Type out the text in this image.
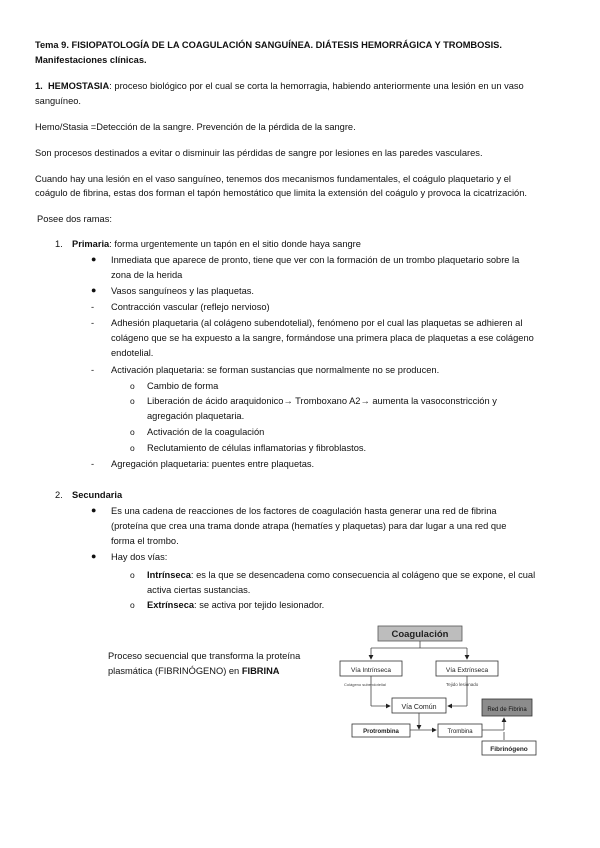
Tema 9. FISIOPATOLOGÍA DE LA COAGULACIÓN SANGUÍNEA. DIÁTESIS HEMORRÁGICA Y TROMBOSIS.

Manifestaciones clínicas.

1. HEMOSTASIA: proceso biológico por el cual se corta la hemorragia, habiendo anteriormente una lesión en un vaso

sanguíneo.

Hemo/Stasia =Detección de la sangre. Prevención de la pérdida de la sangre.

Son procesos destinados a evitar o disminuir las pérdidas de sangre por lesiones en las paredes vasculares.

Cuando hay una lesión en el vaso sanguíneo, tenemos dos mecanismos fundamentales, el coágulo plaquetario y el

coágulo de fibrina, estas dos forman el tapón hemostático que limita la extensión del coágulo y provoca la cicatrización.

Posee dos ramas:

1. Primaria: forma urgentemente un tapón en el sitio donde haya sangre

● Inmediata que aparece de pronto, tiene que ver con la formación de un trombo plaquetario sobre la

zona de la herida

● Vasos sanguíneos y las plaquetas.

- Contracción vascular (reflejo nervioso)

- Adhesión plaquetaria (al colágeno subendotelial), fenómeno por el cual las plaquetas se adhieren al

colágeno que se ha expuesto a la sangre, formándose una primera placa de plaquetas a ese colágeno

endotelial.

- Activación plaquetaria: se forman sustancias que normalmente no se producen.

o Cambio de forma

o Liberación de ácido araquidonico→ Tromboxano A2→ aumenta la vasoconstricción y

agregación plaquetaria.

o Activación de la coagulación

o Reclutamiento de células inflamatorias y fibroblastos.

- Agregación plaquetaria: puentes entre plaquetas.

2. Secundaria

● Es una cadena de reacciones de los factores de coagulación hasta generar una red de fibrina

(proteína que crea una trama donde atrapa (hematíes y plaquetas) para dar lugar a una red que

forma el trombo.

● Hay dos vías:

o Intrínseca: es la que se desencadena como consecuencia al colágeno que se expone, el cual

activa ciertas sustancias.

o Extrínseca: se activa por tejido lesionador.

Proceso secuencial que transforma la proteína

plasmática (FIBRINÓGENO) en FIBRINA

Coagulación
Vía Intrínseca	Vía Extrínseca
Colágeno subendotelial	Tejido lesionado
Vía Común	Red de Fibrina
Protrombina	Trombina
Fibrinógeno
